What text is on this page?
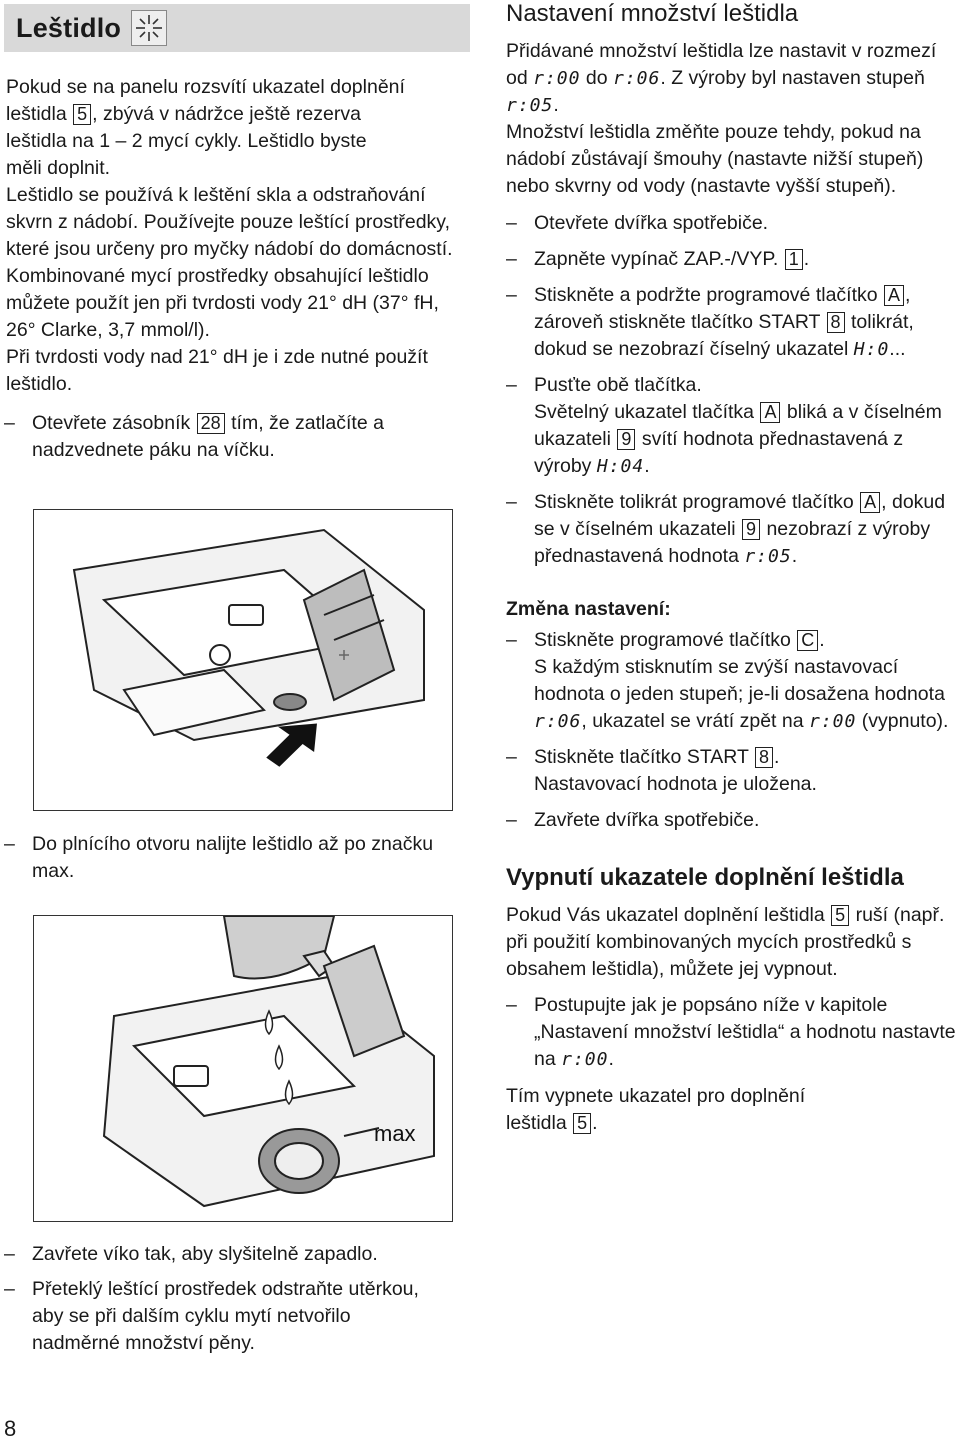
Leštidlo

Pokud se na panelu rozsvítí ukazatel doplnění

leštidla 5 , zbývá v nádržce ještě rezerva

leštidla na 1 – 2 mycí cykly. Leštidlo byste

měli doplnit.

Leštidlo se používá k leštění skla a odstraňování skvrn z nádobí. Používejte pouze leštící prostředky, které jsou určeny pro myčky nádobí do domácností.

Kombinované mycí prostředky obsahující leštidlo můžete použít jen při tvrdosti vody 21° dH (37° fH, 26° Clarke, 3,7 mmol/l).

Při tvrdosti vody nad 21° dH je i zde nutné použít leštidlo.

– Otevřete zásobník 28 tím, že zatlačíte a nadzvednete páku na víčku.
– Do plnícího otvoru nalijte leštidlo až po značku max.
max
– Zavřete víko tak, aby slyšitelně zapadlo.
– Přeteklý leštící prostředek odstraňte utěrkou, aby se při dalším cyklu mytí netvořilo nadměrné množství pěny.
Nastavení množství leštidla

Přidávané množství leštidla lze nastavit v rozmezí od r:00 do r:06. Z výroby byl nastaven stupeň r:05.

Množství leštidla změňte pouze tehdy, pokud na nádobí zůstávají šmouhy (nastavte nižší stupeň) nebo skvrny od vody (nastavte vyšší stupeň).

– Otevřete dvířka spotřebiče.
– Zapněte vypínač ZAP.-/VYP. 1 .
– Stiskněte a podržte programové tlačítko A , zároveň stiskněte tlačítko START 8 tolikrát, dokud se nezobrazí číselný ukazatel H:0...
– Pusťte obě tlačítka.
Světelný ukazatel tlačítka A bliká a v číselném ukazateli 9 svítí hodnota přednastavená z výroby H:04.
– Stiskněte tolikrát programové tlačítko A , dokud se v číselném ukazateli 9 nezobrazí z výroby přednastavená hodnota r:05.
Změna nastavení:
– Stiskněte programové tlačítko C .
S každým stisknutím se zvýší nastavovací hodnota o jeden stupeň; je-li dosažena hodnota r:06, ukazatel se vrátí zpět na r:00 (vypnuto).
– Stiskněte tlačítko START 8 .
Nastavovací hodnota je uložena.
– Zavřete dvířka spotřebiče.
Vypnutí ukazatele doplnění leštidla

Pokud Vás ukazatel doplnění leštidla 5 ruší (např. při použití kombinovaných mycích prostředků s obsahem leštidla), můžete jej vypnout.

– Postupujte jak je popsáno níže v kapitole „Nastavení množství leštidla“ a hodnotu nastavte na r:00.

Tím vypnete ukazatel pro doplnění leštidla 5 .

8
